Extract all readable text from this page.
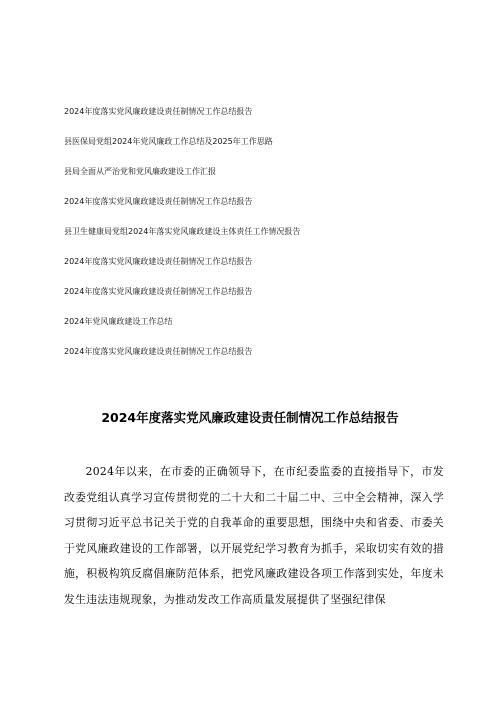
2024年度落实党风廉政建设责任制情况工作总结报告
县医保局党组2024年党风廉政工作总结及2025年工作思路
县局全面从严治党和党风廉政建设工作汇报
2024年度落实党风廉政建设责任制情况工作总结报告
县卫生健康局党组2024年落实党风廉政建设主体责任工作情况报告
2024年度落实党风廉政建设责任制情况工作总结报告
2024年度落实党风廉政建设责任制情况工作总结报告
2024年党风廉政建设工作总结
2024年度落实党风廉政建设责任制情况工作总结报告
2024年度落实党风廉政建设责任制情况工作总结报告

2024年以来，在市委的正确领导下，在市纪委监委的直接指导下，市发改委党组认真学习宣传贯彻党的二十大和二十届二中、三中全会精神，深入学习贯彻习近平总书记关于党的自我革命的重要思想，围绕中央和省委、市委关于党风廉政建设的工作部署，以开展党纪学习教育为抓手，采取切实有效的措施，积极构筑反腐倡廉防范体系，把党风廉政建设各项工作落到实处，年度未发生违法违规现象，为推动发改工作高质量发展提供了坚强纪律保
